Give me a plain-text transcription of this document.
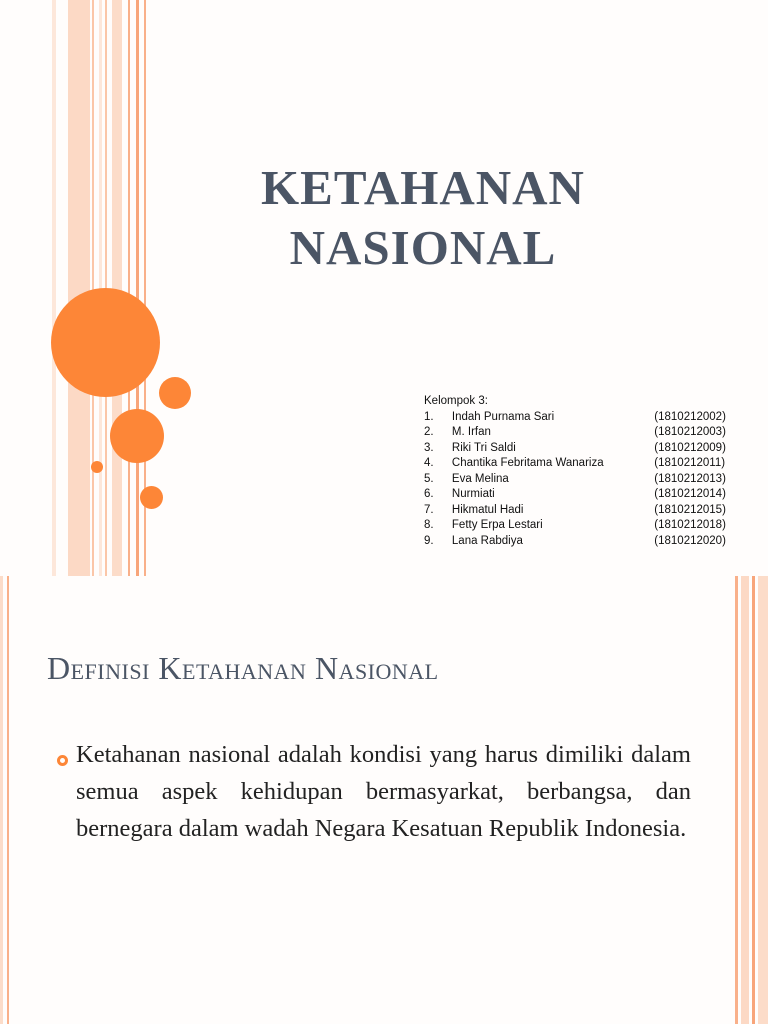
KETAHANAN
NASIONAL
Kelompok 3:
1.	Indah Purnama Sari	(1810212002)
2.	M. Irfan	(1810212003)
3.	Riki Tri Saldi	(1810212009)
4.	Chantika Febritama Wanariza	(1810212011)
5.	Eva Melina	(1810212013)
6.	Nurmiati	(1810212014)
7.	Hikmatul Hadi	(1810212015)
8.	Fetty Erpa Lestari	(1810212018)
9.	Lana Rabdiya	(1810212020)
DEFINISI KETAHANAN NASIONAL
Ketahanan nasional adalah kondisi yang harus dimiliki dalam semua aspek kehidupan bermasyarkat, berbangsa, dan bernegara dalam wadah Negara Kesatuan Republik Indonesia.
